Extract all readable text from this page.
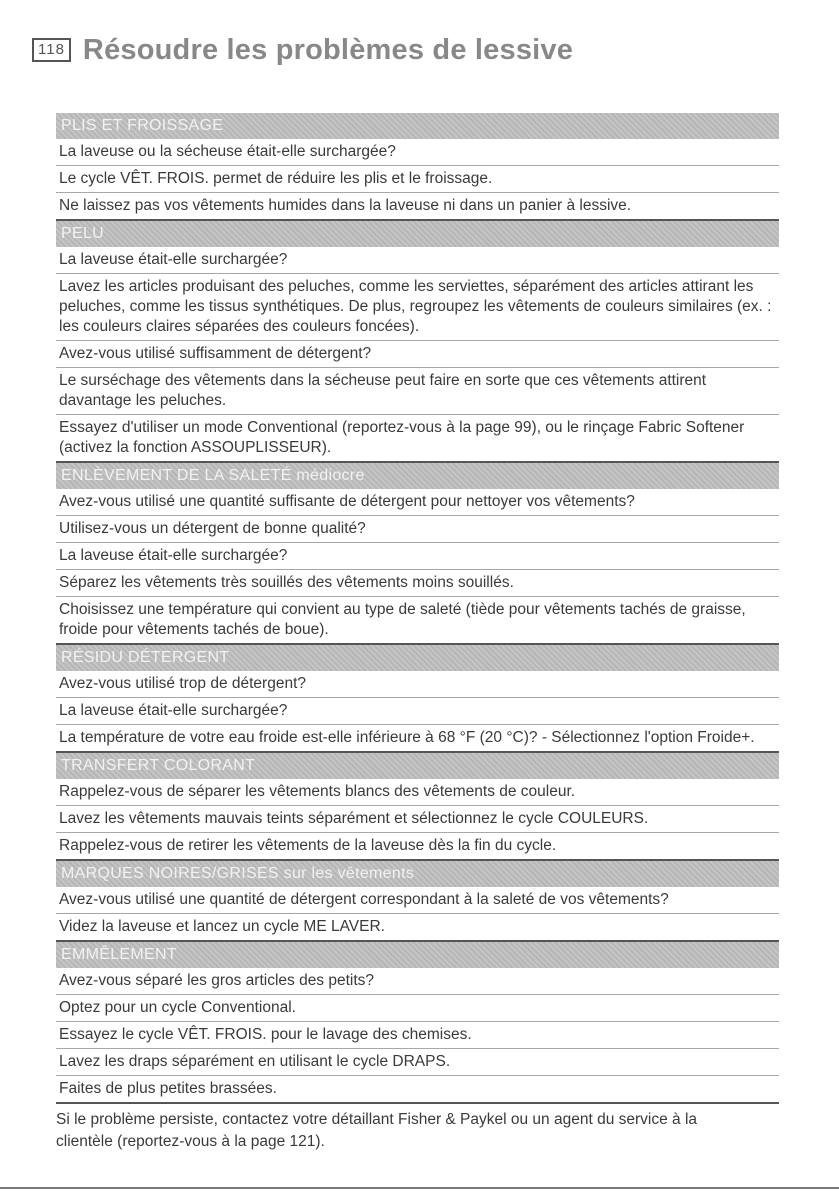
118 Résoudre les problèmes de lessive
PLIS ET FROISSAGE
La laveuse ou la sécheuse était-elle surchargée?
Le cycle VÊT. FROIS. permet de réduire les plis et le froissage.
Ne laissez pas vos vêtements humides dans la laveuse ni dans un panier à lessive.
PELU
La laveuse était-elle surchargée?
Lavez les articles produisant des peluches, comme les serviettes, séparément des articles attirant les peluches, comme les tissus synthétiques. De plus, regroupez les vêtements de couleurs similaires (ex. : les couleurs claires séparées des couleurs foncées).
Avez-vous utilisé suffisamment de détergent?
Le surséchage des vêtements dans la sécheuse peut faire en sorte que ces vêtements attirent davantage les peluches.
Essayez d'utiliser un mode Conventional (reportez-vous à la page 99), ou le rinçage Fabric Softener (activez la fonction ASSOUPLISSEUR).
ENLÈVEMENT DE LA SALETÉ médiocre
Avez-vous utilisé une quantité suffisante de détergent pour nettoyer vos vêtements?
Utilisez-vous un détergent de bonne qualité?
La laveuse était-elle surchargée?
Séparez les vêtements très souillés des vêtements moins souillés.
Choisissez une température qui convient au type de saleté (tiède pour vêtements tachés de graisse, froide pour vêtements tachés de boue).
RÉSIDU DÉTERGENT
Avez-vous utilisé trop de détergent?
La laveuse était-elle surchargée?
La température de votre eau froide est-elle inférieure à 68 °F (20 °C)? - Sélectionnez l'option Froide+.
TRANSFERT COLORANT
Rappelez-vous de séparer les vêtements blancs des vêtements de couleur.
Lavez les vêtements mauvais teints séparément et sélectionnez le cycle COULEURS.
Rappelez-vous de retirer les vêtements de la laveuse dès la fin du cycle.
MARQUES NOIRES/GRISES sur les vêtements
Avez-vous utilisé une quantité de détergent correspondant à la saleté de vos vêtements?
Videz la laveuse et lancez un cycle ME LAVER.
EMMÊLEMENT
Avez-vous séparé les gros articles des petits?
Optez pour un cycle Conventional.
Essayez le cycle VÊT. FROIS. pour le lavage des chemises.
Lavez les draps séparément en utilisant le cycle DRAPS.
Faites de plus petites brassées.
Si le problème persiste, contactez votre détaillant Fisher & Paykel ou un agent du service à la clientèle (reportez-vous à la page 121).
